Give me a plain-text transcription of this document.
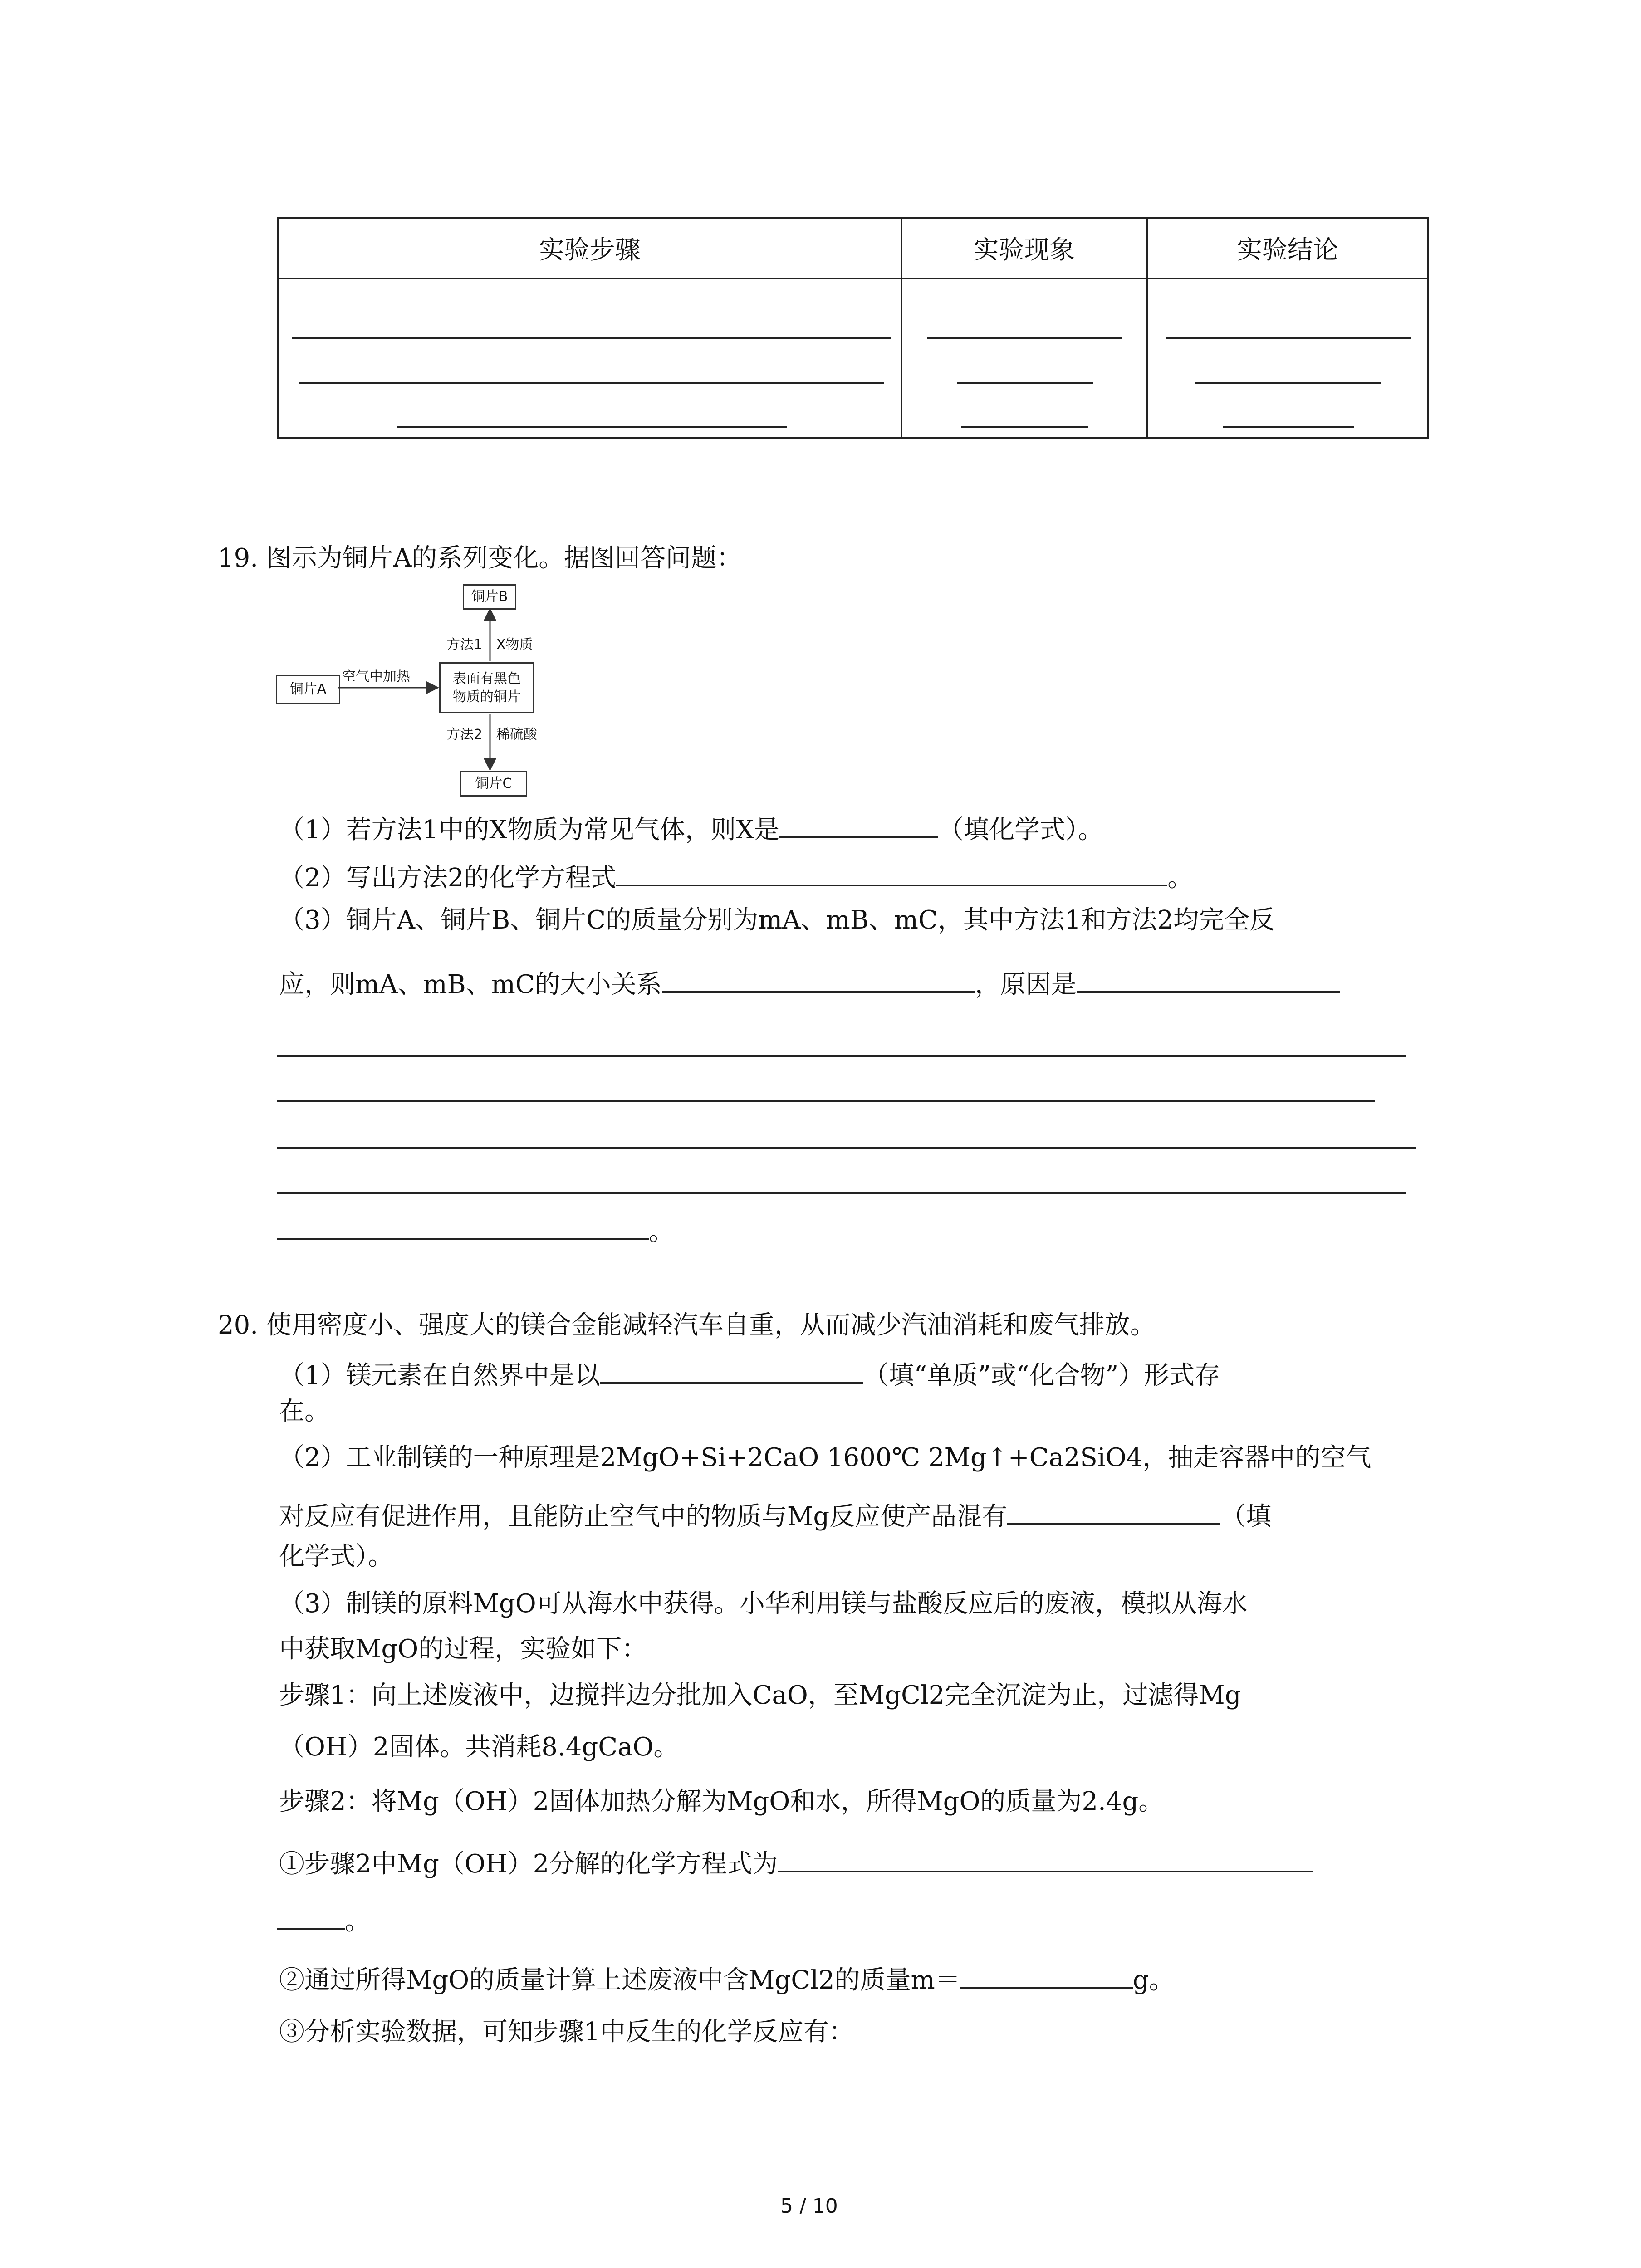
实验步骤	实验现象	实验结论

19. 图示为铜片A的系列变化。据图回答问题：
铜片B
铜片A
表面有黑色
物质的铜片
铜片C
空气中加热
方法1 X物质
方法2 稀硫酸
（1）若方法1中的X物质为常见气体，则X是	（填化学式）。
（2）写出方法2的化学方程式	。
（3）铜片A、铜片B、铜片C的质量分别为mA、mB、mC，其中方法1和方法2均完全反
应，则mA、mB、mC的大小关系	，原因是
。
20. 使用密度小、强度大的镁合金能减轻汽车自重，从而减少汽油消耗和废气排放。
（1）镁元素在自然界中是以	（填“单质”或“化合物”）形式存
在。
（2）工业制镁的一种原理是2MgO+Si+2CaO 1600℃ 2Mg↑+Ca2SiO4，抽走容器中的空气
对反应有促进作用，且能防止空气中的物质与Mg反应使产品混有	（填
化学式）。
（3）制镁的原料MgO可从海水中获得。小华利用镁与盐酸反应后的废液，模拟从海水
中获取MgO的过程，实验如下：
步骤1：向上述废液中，边搅拌边分批加入CaO，至MgCl2完全沉淀为止，过滤得Mg
（OH）2固体。共消耗8.4gCaO。
步骤2：将Mg（OH）2固体加热分解为MgO和水，所得MgO的质量为2.4g。
①步骤2中Mg（OH）2分解的化学方程式为
。
②通过所得MgO的质量计算上述废液中含MgCl2的质量m＝	g。
③分析实验数据，可知步骤1中反生的化学反应有：
5 / 10
